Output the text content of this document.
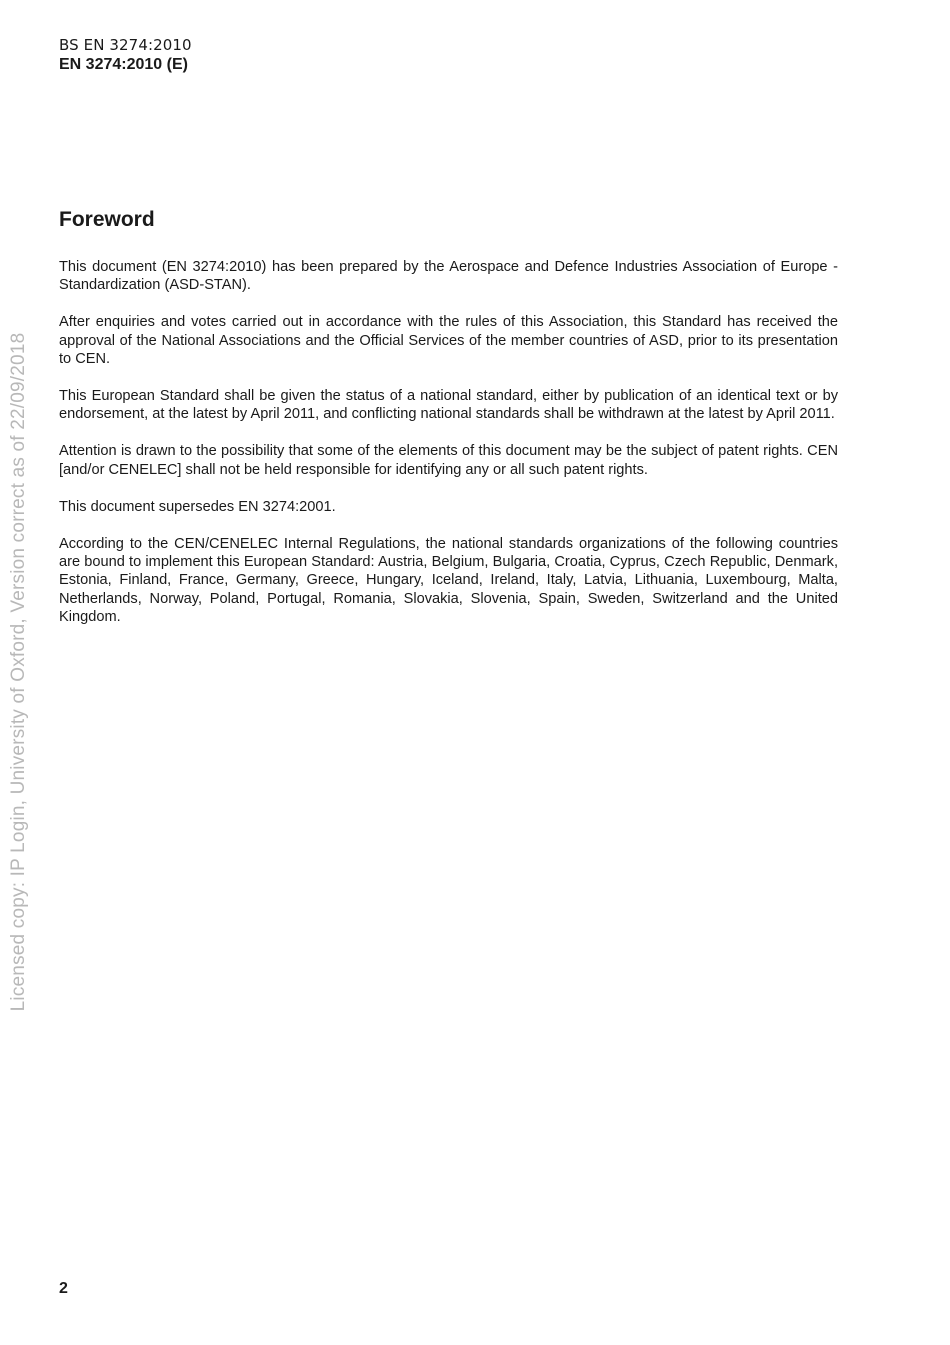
BS EN 3274:2010
EN 3274:2010 (E)
Foreword

This document (EN 3274:2010) has been prepared by the Aerospace and Defence Industries Association of Europe - Standardization (ASD-STAN).

After enquiries and votes carried out in accordance with the rules of this Association, this Standard has received the approval of the National Associations and the Official Services of the member countries of ASD, prior to its presentation to CEN.

This European Standard shall be given the status of a national standard, either by publication of an identical text or by endorsement, at the latest by April 2011, and conflicting national standards shall be withdrawn at the latest by April 2011.

Attention is drawn to the possibility that some of the elements of this document may be the subject of patent rights. CEN [and/or CENELEC] shall not be held responsible for identifying any or all such patent rights.

This document supersedes EN 3274:2001.

According to the CEN/CENELEC Internal Regulations, the national standards organizations of the following countries are bound to implement this European Standard: Austria, Belgium, Bulgaria, Croatia, Cyprus, Czech Republic, Denmark, Estonia, Finland, France, Germany, Greece, Hungary, Iceland, Ireland, Italy, Latvia, Lithuania, Luxembourg, Malta, Netherlands, Norway, Poland, Portugal, Romania, Slovakia, Slovenia, Spain, Sweden, Switzerland and the United Kingdom.

Licensed copy: IP Login, University of Oxford, Version correct as of 22/09/2018
2
